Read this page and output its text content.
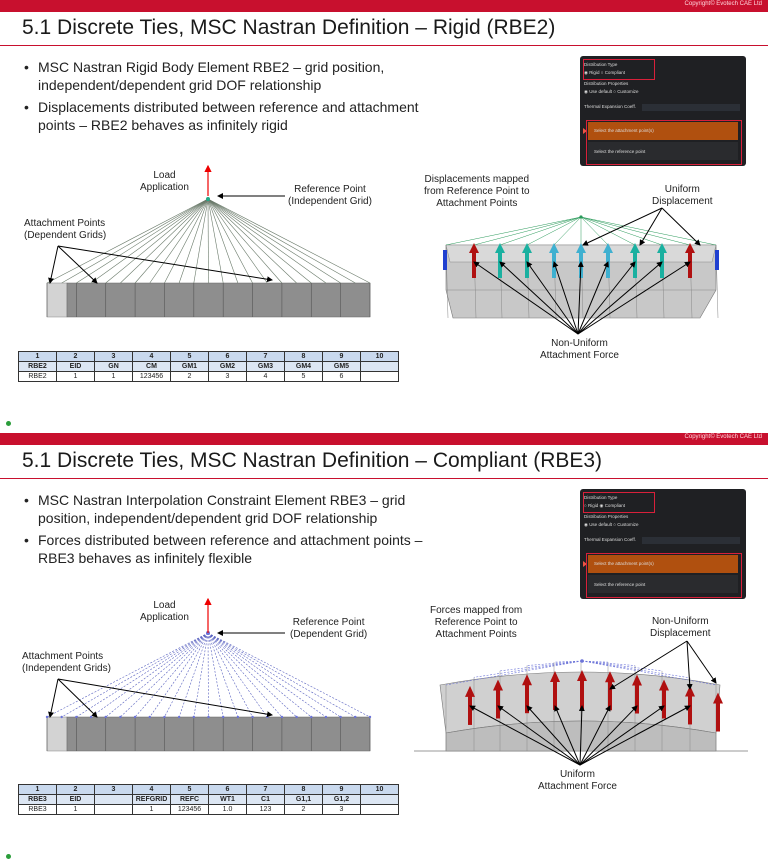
Copyright© Evotech CAE Ltd
5.1 Discrete Ties, MSC Nastran Definition – Rigid (RBE2)
• MSC Nastran Rigid Body Element RBE2 – grid position, independent/dependent grid DOF relationship
• Displacements distributed between reference and attachment points – RBE2 behaves as infinitely rigid
Load
Application	Reference Point
(Independent Grid)
Attachment Points
(Dependent Grids)
Displacements mapped
from Reference Point to
Attachment Points
Uniform
Displacement
Non-Uniform
Attachment Force
Distribution Type
◉ Rigid ○ Compliant
Distribution Properties
◉ Use default ○ Customize
Thermal Expansion Coeff.
Select the attachment point(s)
Select the reference point
1	2	3	4	5	6	7	8	9	10
RBE2	EID	GN	CM	GM1	GM2	GM3	GM4	GM5	
RBE2	1	1	123456	2	3	4	5	6	
Copyright© Evotech CAE Ltd
5.1 Discrete Ties, MSC Nastran Definition – Compliant (RBE3)
• MSC Nastran Interpolation Constraint Element RBE3 – grid position, independent/dependent grid DOF relationship
• Forces distributed between reference and attachment points – RBE3 behaves as infinitely flexible
Load
Application	Reference Point
(Dependent Grid)
Attachment Points
(Independent Grids)
Forces mapped from
Reference Point to
Attachment Points
Non-Uniform
Displacement
Uniform
Attachment Force
Distribution Type
○ Rigid ◉ Compliant
Distribution Properties
◉ Use default ○ Customize
Thermal Expansion Coeff.
Select the attachment point(s)
Select the reference point
1	2	3	4	5	6	7	8	9	10
RBE3	EID		REFGRID	REFC	WT1	C1	G1,1	G1,2	
RBE3	1		1	123456	1.0	123	2	3	
